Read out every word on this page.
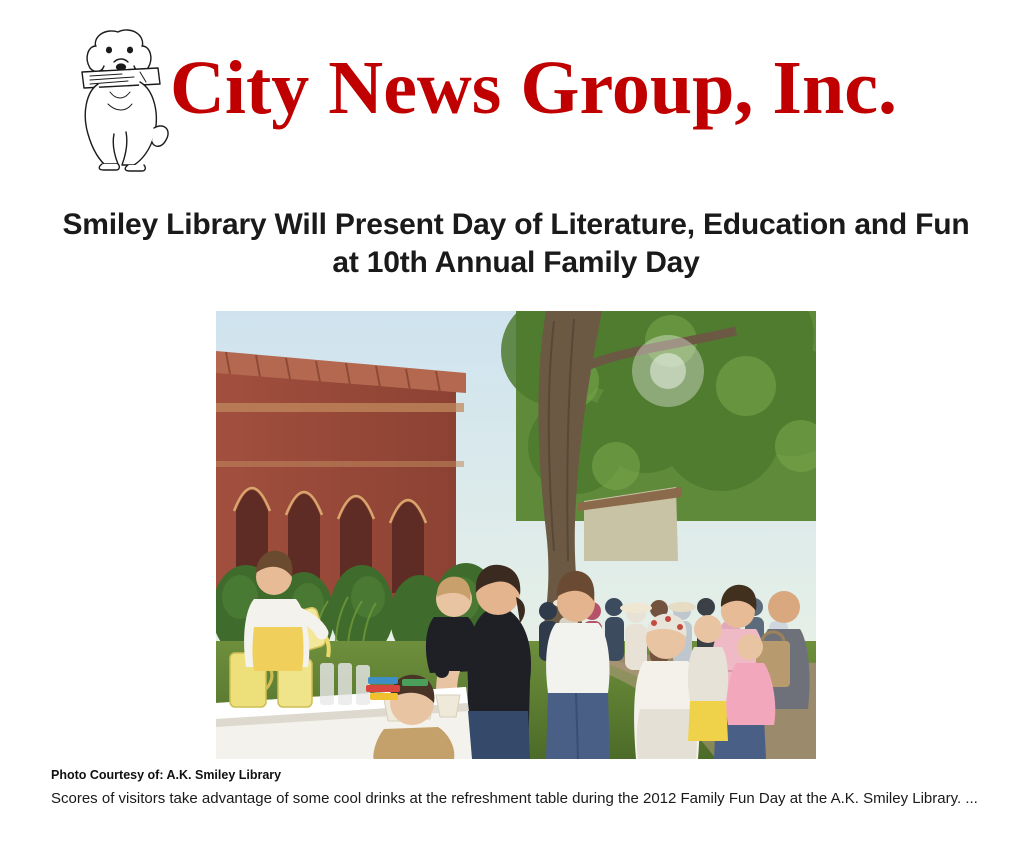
City News Group, Inc.
Smiley Library Will Present Day of Literature, Education and Fun at 10th Annual Family Day
Photo Courtesy of: A.K. Smiley Library
Scores of visitors take advantage of some cool drinks at the refreshment table during the 2012 Family Fun Day at the A.K. Smiley Library. ...
